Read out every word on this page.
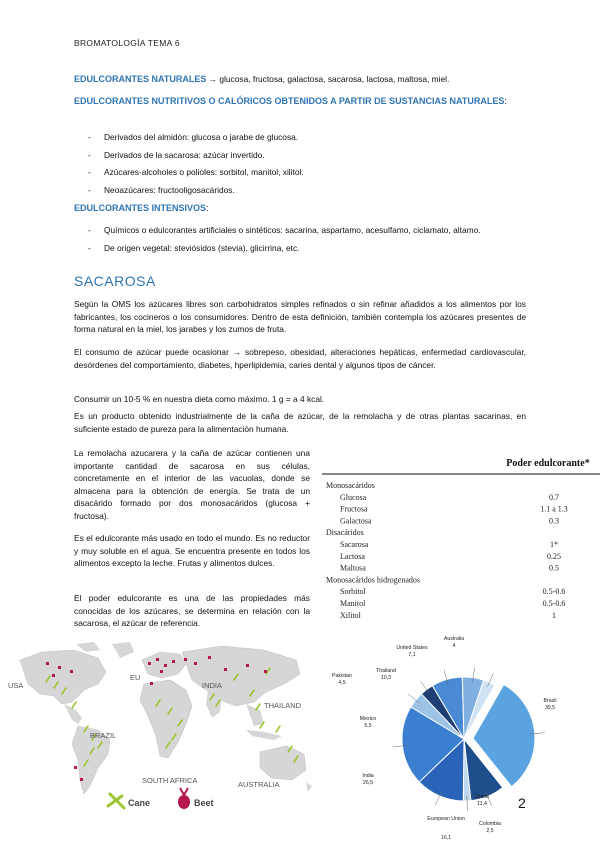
BROMATOLOGÍA TEMA 6
EDULCORANTES NATURALES → glucosa, fructosa, galactosa, sacarosa, lactosa, maltosa, miel.
EDULCORANTES NUTRITIVOS O CALÓRICOS OBTENIDOS A PARTIR DE SUSTANCIAS NATURALES:
- Derivados del almidón: glucosa o jarabe de glucosa.
- Derivados de la sacarosa: azúcar invertido.
- Azúcares-alcoholes o polioles: sorbitol, manitol, xilitol.
- Neoazúcares: fructooligosacáridos.
EDULCORANTES INTENSIVOS:
- Químicos o edulcorantes artificiales o sintéticos: sacarina, aspartamo, acesulfamo, ciclamato, aitamo.
- De origen vegetal: steviósidos (stevia), glicirrina, etc.
SACAROSA
Según la OMS los azúcares libres son carbohidratos simples refinados o sin refinar añadidos a los alimentos por los fabricantes, los cocineros o los consumidores. Dentro de esta definición, también contempla los azúcares presentes de forma natural en la miel, los jarabes y los zumos de fruta.
El consumo de azúcar puede ocasionar → sobrepeso, obesidad, alteraciones hepáticas, enfermedad cardiovascular, desórdenes del comportamiento, diabetes, hperlipidemia, caries dental y algunos tipos de cáncer.
Consumir un 10-5 % en nuestra dieta como máximo. 1 g = a 4 kcal.
Es un producto obtenido industrialmente de la caña de azúcar, de la remolacha y de otras plantas sacarinas, en suficiente estado de pureza para la alimentación humana.
La remolacha azucarera y la caña de azúcar contienen una importante cantidad de sacarosa en sus células, concretamente en el interior de las vacuolas, donde se almacena para la obtención de energía. Se trata de un disacárido formado por dos monosacáridos (glucosa + fructosa).
Es el edulcorante más usado en todo el mundo. Es no reductor y muy soluble en el agua. Se encuentra presente en todos los alimentos excepto la leche. Frutas y alimentos dulces.
El poder edulcorante es una de las propiedades más conocidas de los azúcares, se determina en relación con la sacarosa, el azúcar de referencia.
Poder edulcorante*
Monosacáridos
Glucosa	0.7
Fructosa	1.1 a 1.3
Galactosa	0.3
Disacáridos
Sacarosa	1*
Lactosa	0.25
Maltosa	0.5
Monosacáridos hidrogenados
Sorbitol	0.5-0.6
Manitol	0.5-0.6
Xilitol	1
USA
EU
INDIA
THAILAND
BRAZIL
SOUTH AFRICA	AUSTRALIA
Cane	Beet
Brazil
39,5
China
11,4
Colombia
2,5
European Union
16,1
India
26,5
Mexico
5,5
Pakistan
4,5
Thailand
10,3
United States
7,1
Australia
4
2
